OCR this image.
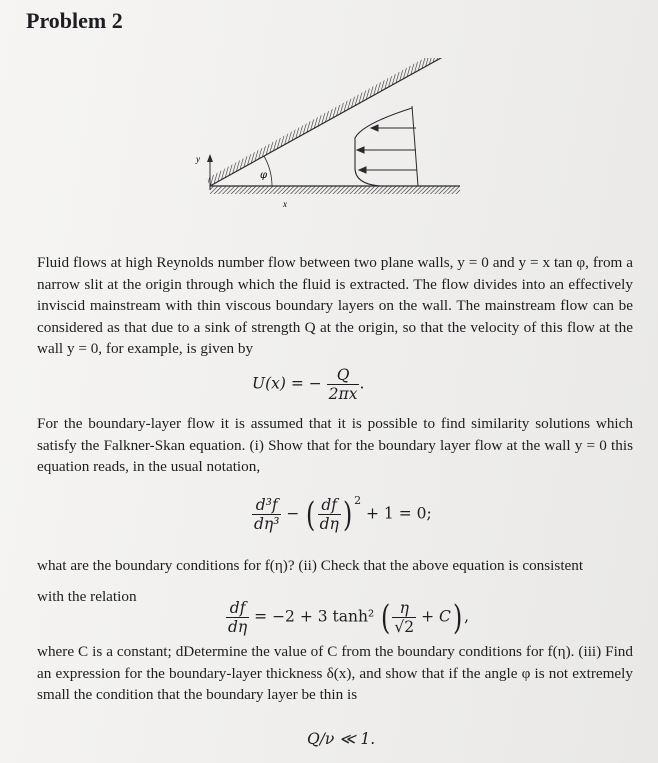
Problem 2
y
x
φ

Fluid flows at high Reynolds number flow between two plane walls, y = 0 and y = x tan φ, from a narrow slit at the origin through which the fluid is extracted. The flow divides into an effectively inviscid mainstream with thin viscous boundary layers on the wall. The mainstream flow can be considered as that due to a sink of strength Q at the origin, so that the velocity of this flow at the wall y = 0, for example, is given by

U(x) = − $\frac{Q}{2\pi x}$ .

For the boundary-layer flow it is assumed that it is possible to find similarity solutions which satisfy the Falkner-Skan equation. (i) Show that for the boundary layer flow at the wall y = 0 this equation reads, in the usual notation,

$\frac{\text{d³f}}{\text{dη³}}$ − ( $\frac{df}{d\eta}$ ) $^2$ + 1 = 0;

what are the boundary conditions for f(η)? (ii) Check that the above equation is consistent

with the relation

$\frac{df}{d\eta} = -2 + 3$ tanh² ( $\frac{\eta}{√2} + C$) ,

where C is a constant; dDetermine the value of C from the boundary conditions for f(η). (iii) Find an expression for the boundary-layer thickness δ(x), and show that if the angle φ is not extremely small the condition that the boundary layer be thin is

Q/ν ≪ 1.
